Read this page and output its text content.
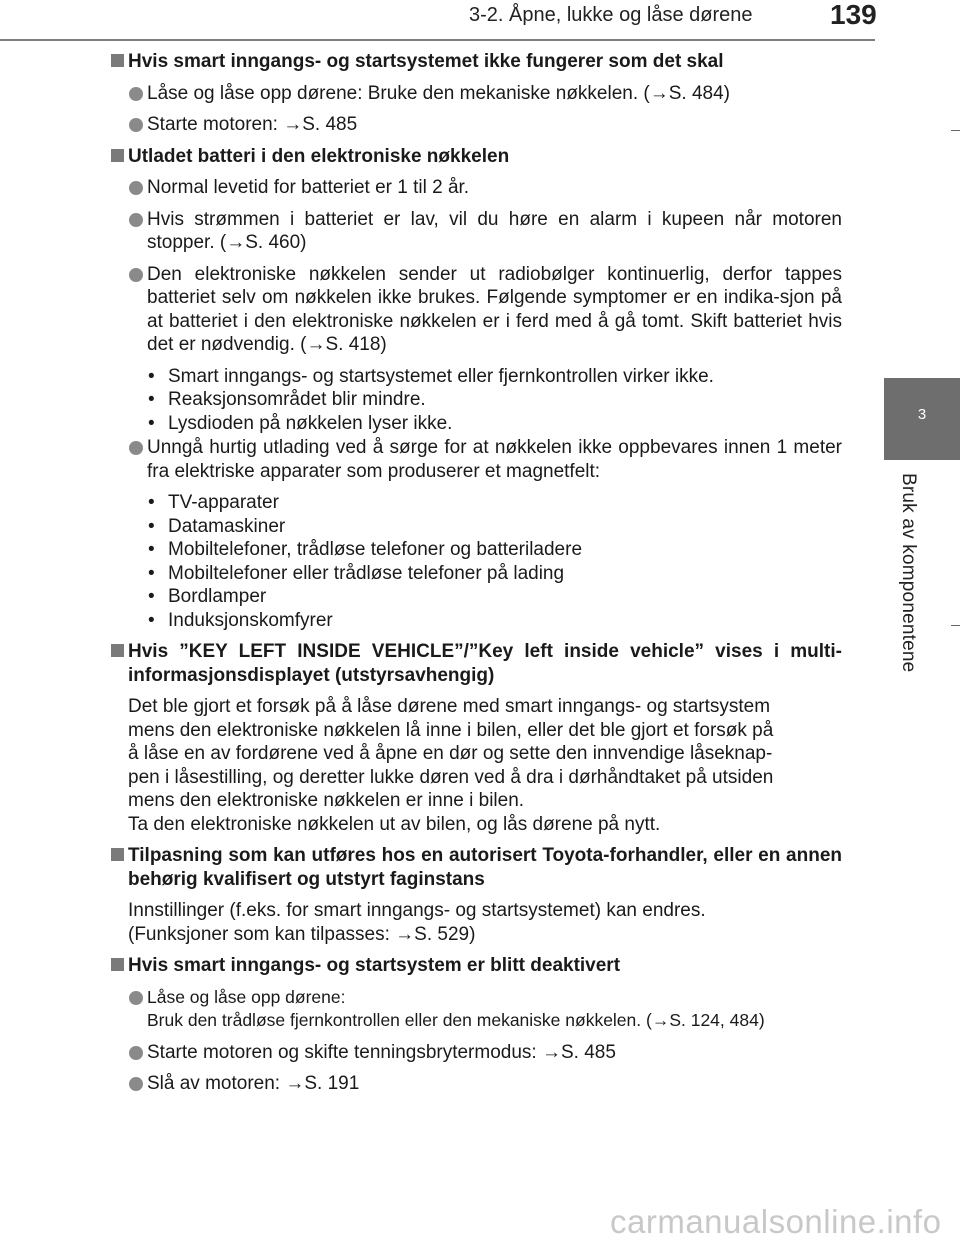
3-2. Åpne, lukke og låse dørene	139
3
Bruk av komponentene
Hvis smart inngangs- og startsystemet ikke fungerer som det skal
Låse og låse opp dørene: Bruke den mekaniske nøkkelen. (→S. 484)
Starte motoren: →S. 485
Utladet batteri i den elektroniske nøkkelen
Normal levetid for batteriet er 1 til 2 år.
Hvis strømmen i batteriet er lav, vil du høre en alarm i kupeen når motoren stopper. (→S. 460)
Den elektroniske nøkkelen sender ut radiobølger kontinuerlig, derfor tappes batteriet selv om nøkkelen ikke brukes. Følgende symptomer er en indika-sjon på at batteriet i den elektroniske nøkkelen er i ferd med å gå tomt. Skift batteriet hvis det er nødvendig. (→S. 418)
• Smart inngangs- og startsystemet eller fjernkontrollen virker ikke.
• Reaksjonsområdet blir mindre.
• Lysdioden på nøkkelen lyser ikke.
Unngå hurtig utlading ved å sørge for at nøkkelen ikke oppbevares innen 1 meter fra elektriske apparater som produserer et magnetfelt:
• TV-apparater
• Datamaskiner
• Mobiltelefoner, trådløse telefoner og batteriladere
• Mobiltelefoner eller trådløse telefoner på lading
• Bordlamper
• Induksjonskomfyrer
Hvis ”KEY LEFT INSIDE VEHICLE”/”Key left inside vehicle” vises i multi-informasjonsdisplayet (utstyrsavhengig)
Det ble gjort et forsøk på å låse dørene med smart inngangs- og startsystem
mens den elektroniske nøkkelen lå inne i bilen, eller det ble gjort et forsøk på
å låse en av fordørene ved å åpne en dør og sette den innvendige låseknap-
pen i låsestilling, og deretter lukke døren ved å dra i dørhåndtaket på utsiden
mens den elektroniske nøkkelen er inne i bilen.
Ta den elektroniske nøkkelen ut av bilen, og lås dørene på nytt.
Tilpasning som kan utføres hos en autorisert Toyota-forhandler, eller en annen behørig kvalifisert og utstyrt faginstans
Innstillinger (f.eks. for smart inngangs- og startsystemet) kan endres.
(Funksjoner som kan tilpasses: →S. 529)
Hvis smart inngangs- og startsystem er blitt deaktivert
Låse og låse opp dørene:
Bruk den trådløse fjernkontrollen eller den mekaniske nøkkelen. (→S. 124, 484)
Starte motoren og skifte tenningsbrytermodus: →S. 485
Slå av motoren: →S. 191
carmanualsonline.info
